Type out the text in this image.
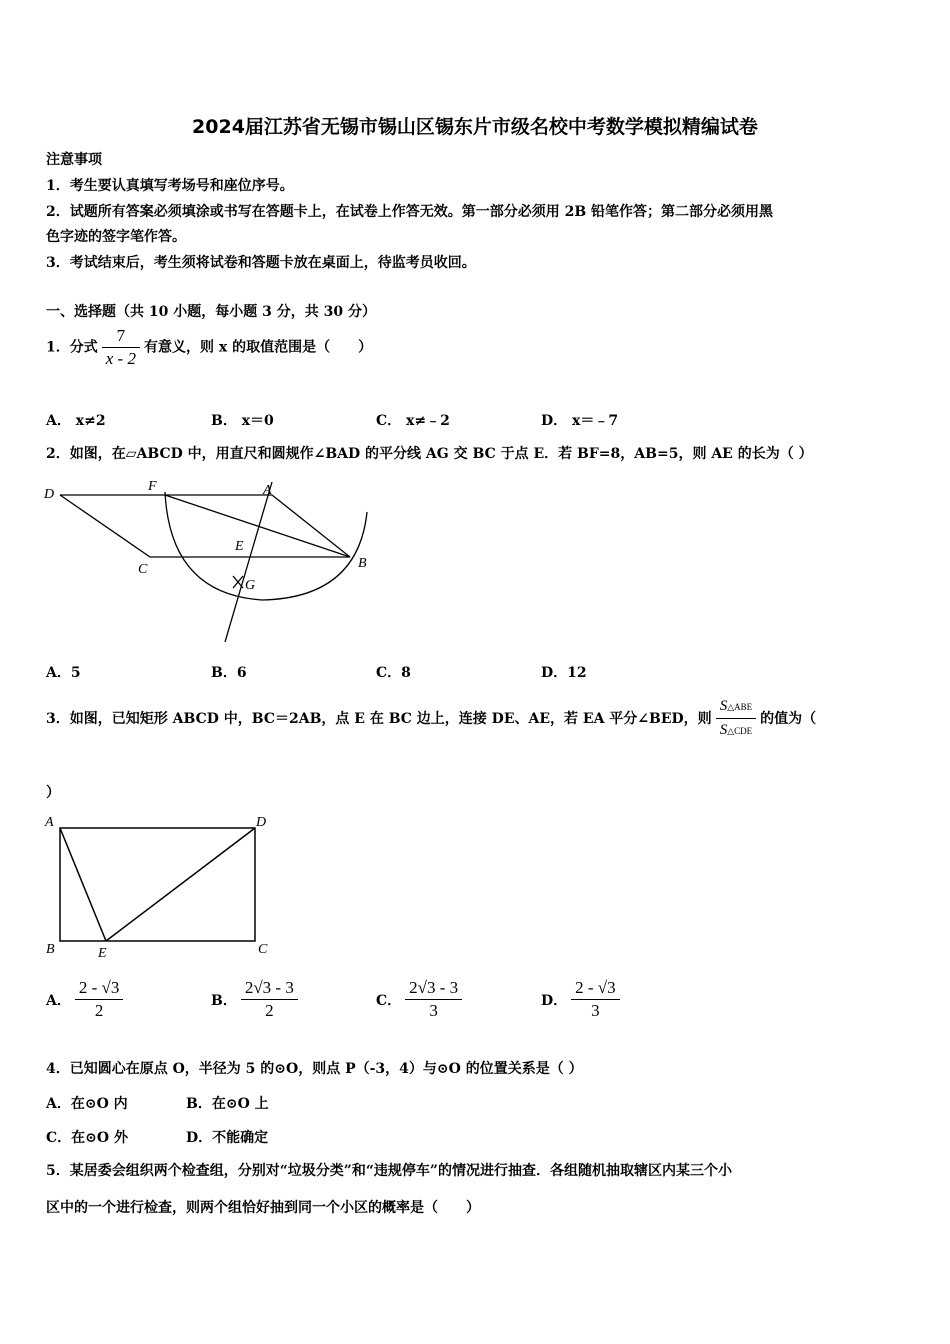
2024届江苏省无锡市锡山区锡东片市级名校中考数学模拟精编试卷
注意事项
1．考生要认真填写考场号和座位序号。
2．试题所有答案必须填涂或书写在答题卡上，在试卷上作答无效。第一部分必须用 2B 铅笔作答；第二部分必须用黑
色字迹的签字笔作答。
3．考试结束后，考生须将试卷和答题卡放在桌面上，待监考员收回。
一、选择题（共 10 小题，每小题 3 分，共 30 分）
1．分式 $\frac{7}{x - 2}$ 有意义，则 x 的取值范围是（　　）
A． x≠2	B． x＝0	C． x≠﹣2	D． x＝﹣7
2．如图，在▱ABCD 中，用直尺和圆规作∠BAD 的平分线 AG 交 BC 于点 E．若 BF=8，AB=5，则 AE 的长为（ ）
D
F	A
E
B
C
G
A．5	B．6	C．8	D．12
3．如图，已知矩形 ABCD 中，BC＝2AB，点 E 在 BC 边上，连接 DE、AE，若 EA 平分∠BED，则 $\frac{\text{S△ABE}}{\text{S△CDE}}$ 的值为（
）
A	D
B	E	C
A． $\frac{2 - √3}{2}$	B． $\frac{2√3 - 3}{2}$	C． $\frac{2√3 - 3}{3}$	D． $\frac{2 - √3}{3}$
4．已知圆心在原点 O，半径为 5 的⊙O，则点 P（-3，4）与⊙O 的位置关系是（ ）
A．在⊙O 内	B．在⊙O 上
C．在⊙O 外	D．不能确定
5．某居委会组织两个检查组，分别对“垃圾分类”和“违规停车”的情况进行抽查．各组随机抽取辖区内某三个小
区中的一个进行检查，则两个组恰好抽到同一个小区的概率是（　　）
